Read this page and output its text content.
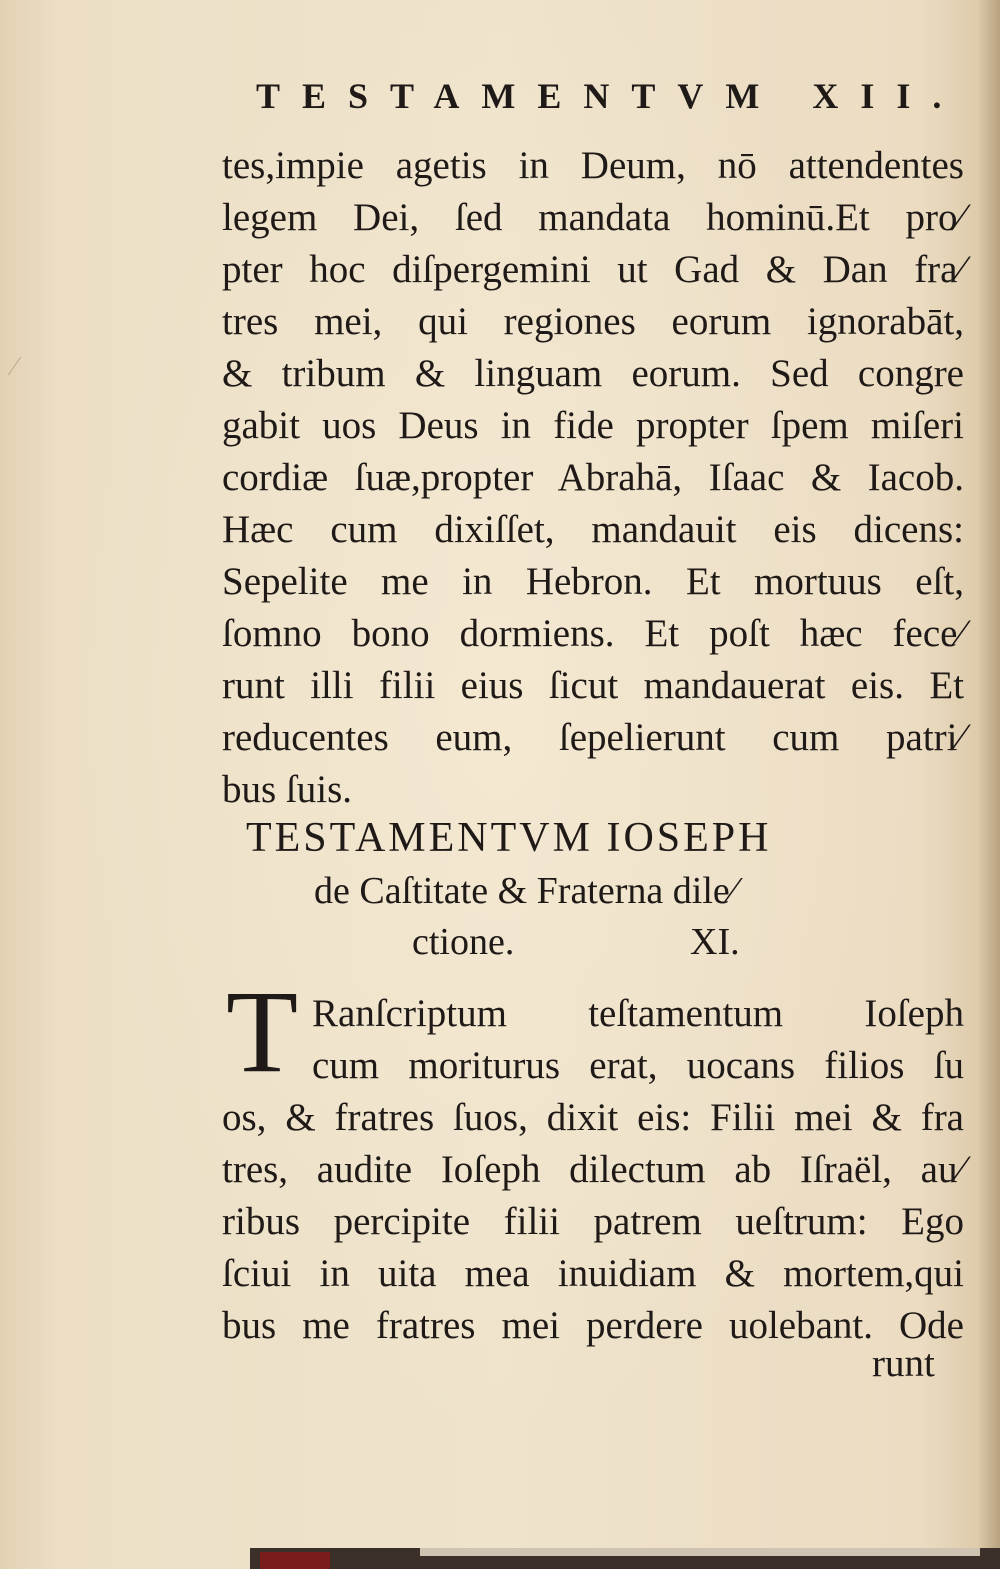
TESTAMENTVM XII.
tes,impie agetis in Deum, nō attendentes
legem Dei, ſed mandata hominū.Et pro⁄
pter hoc diſpergemini ut Gad & Dan fra⁄
tres mei, qui regiones eorum ignorabāt,
& tribum & linguam eorum. Sed congre
gabit uos Deus in fide propter ſpem miſeri
cordiæ ſuæ,propter Abrahā, Iſaac & Iacob.
Hæc cum dixiſſet, mandauit eis dicens:
Sepelite me in Hebron. Et mortuus eſt,
ſomno bono dormiens. Et poſt hæc fece⁄
runt illi filii eius ſicut mandauerat eis. Et
reducentes eum, ſepelierunt cum patri⁄
bus ſuis.
TESTAMENTVM IOSEPH
de Caſtitate & Fraterna dile⁄
ctione.	XI.
T Ranſcriptum teſtamentum Ioſeph
cum moriturus erat, uocans filios ſu
os, & fratres ſuos, dixit eis: Filii mei & fra
tres, audite Ioſeph dilectum ab Iſraël, au⁄
ribus percipite filii patrem ueſtrum: Ego
ſciui in uita mea inuidiam & mortem,qui
bus me fratres mei perdere uolebant. Ode
runt
